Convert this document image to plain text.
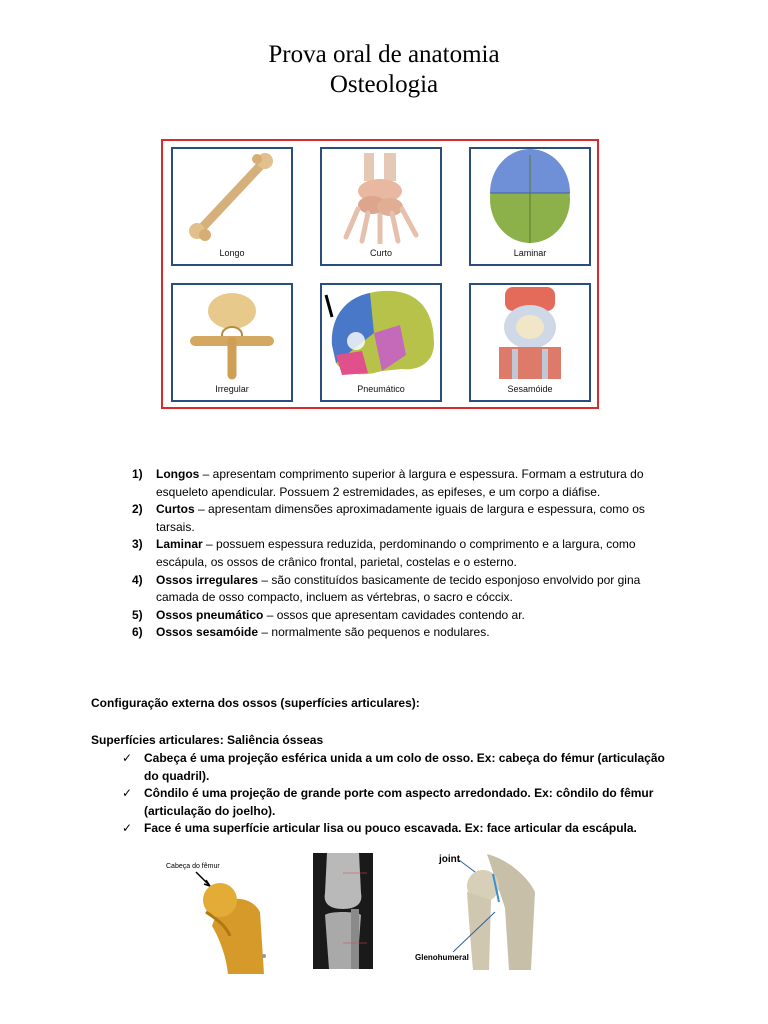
Prova oral de anatomia
Osteologia
Longo	Curto	Laminar
Irregular	Pneumático	Sesamóide
1) Longos – apresentam comprimento superior à largura e espessura. Formam a estrutura do esqueleto apendicular. Possuem 2 estremidades, as epifeses, e um corpo a diáfise.
2) Curtos – apresentam dimensões aproximadamente iguais de largura e espessura, como os tarsais.
3) Laminar – possuem espessura reduzida, perdominando o comprimento e a largura, como escápula, os ossos de crânico frontal, parietal, costelas e o esterno.
4) Ossos irregulares – são constituídos basicamente de tecido esponjoso envolvido por gina camada de osso compacto, incluem as vértebras, o sacro e cóccix.
5) Ossos pneumático – ossos que apresentam cavidades contendo ar.
6) Ossos sesamóide – normalmente são pequenos e nodulares.
Configuração externa dos ossos (superfícies articulares):
Superfícies articulares: Saliência ósseas
✓ Cabeça é uma projeção esférica unida a um colo de osso. Ex: cabeça do fémur (articulação do quadril).
✓ Côndilo é uma projeção de grande porte com aspecto arredondado. Ex: côndilo do fêmur (articulação do joelho).
✓ Face é uma superfície articular lisa ou pouco escavada. Ex: face articular da escápula.
Cabeça do fêmur
joint
Glenohumeral
